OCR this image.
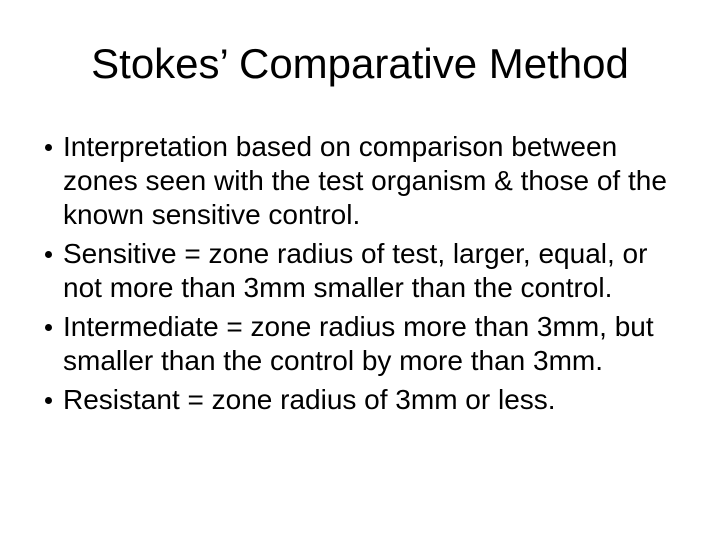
Stokes’ Comparative Method
Interpretation based on comparison between
zones seen with the test organism & those of the
known sensitive control.
Sensitive = zone radius of test, larger, equal, or
not more than 3mm smaller than the control.
Intermediate = zone radius more than 3mm, but
smaller than the control by more than 3mm.
Resistant = zone radius of 3mm or less.
